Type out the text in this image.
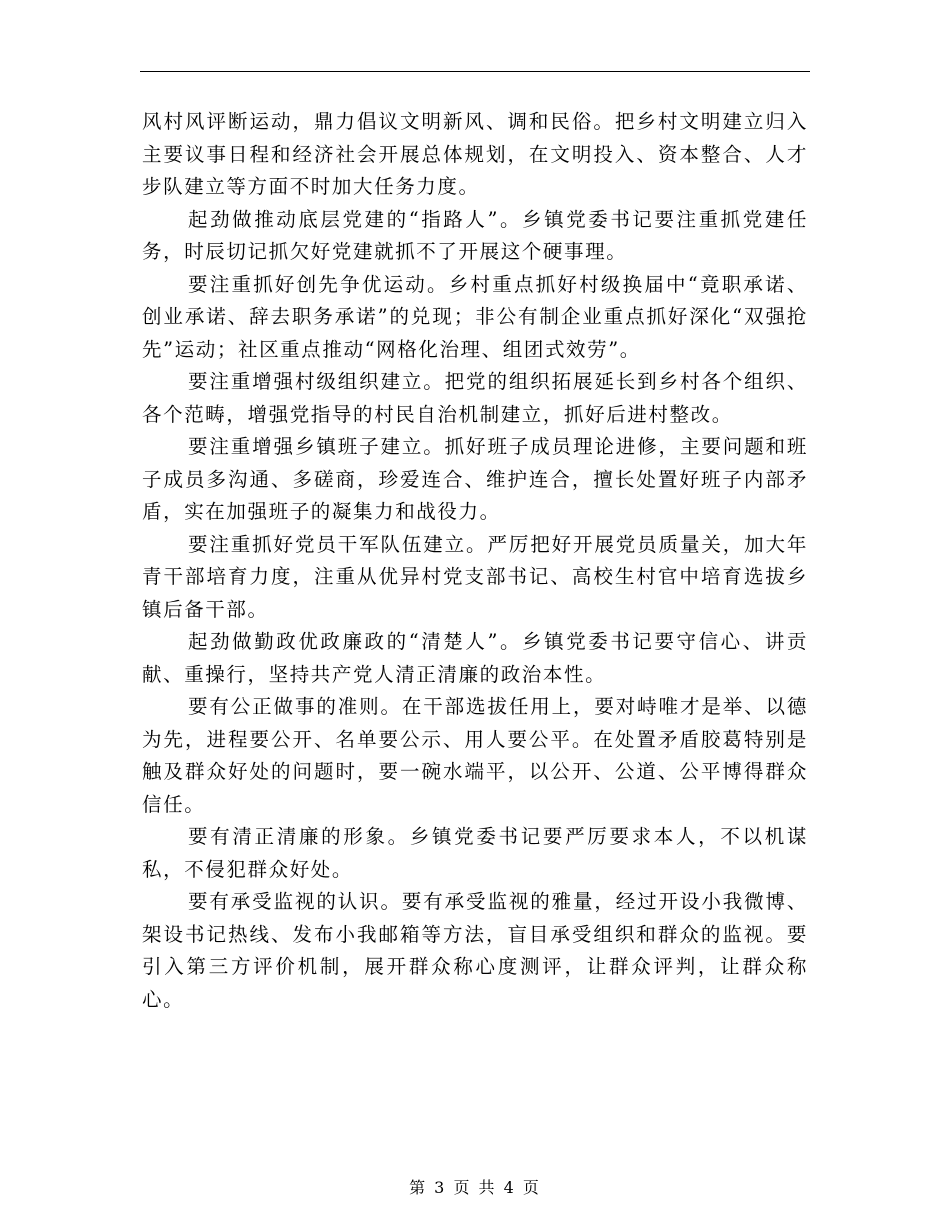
风村风评断运动，鼎力倡议文明新风、调和民俗。把乡村文明建立归入主要议事日程和经济社会开展总体规划，在文明投入、资本整合、人才步队建立等方面不时加大任务力度。

起劲做推动底层党建的“指路人”。乡镇党委书记要注重抓党建任务，时辰切记抓欠好党建就抓不了开展这个硬事理。

要注重抓好创先争优运动。乡村重点抓好村级换届中“竟职承诺、创业承诺、辞去职务承诺”的兑现；非公有制企业重点抓好深化“双强抢先”运动；社区重点推动“网格化治理、组团式效劳”。

要注重增强村级组织建立。把党的组织拓展延长到乡村各个组织、各个范畴，增强党指导的村民自治机制建立，抓好后进村整改。

要注重增强乡镇班子建立。抓好班子成员理论进修，主要问题和班子成员多沟通、多磋商，珍爱连合、维护连合，擅长处置好班子内部矛盾，实在加强班子的凝集力和战役力。

要注重抓好党员干军队伍建立。严厉把好开展党员质量关，加大年青干部培育力度，注重从优异村党支部书记、高校生村官中培育选拔乡镇后备干部。

起劲做勤政优政廉政的“清楚人”。乡镇党委书记要守信心、讲贡献、重操行，坚持共产党人清正清廉的政治本性。

要有公正做事的准则。在干部选拔任用上，要对峙唯才是举、以德为先，进程要公开、名单要公示、用人要公平。在处置矛盾胶葛特别是触及群众好处的问题时，要一碗水端平，以公开、公道、公平博得群众信任。

要有清正清廉的形象。乡镇党委书记要严厉要求本人，不以机谋私，不侵犯群众好处。

要有承受监视的认识。要有承受监视的雅量，经过开设小我微博、架设书记热线、发布小我邮箱等方法，盲目承受组织和群众的监视。要引入第三方评价机制，展开群众称心度测评，让群众评判，让群众称心。

第 3 页 共 4 页
